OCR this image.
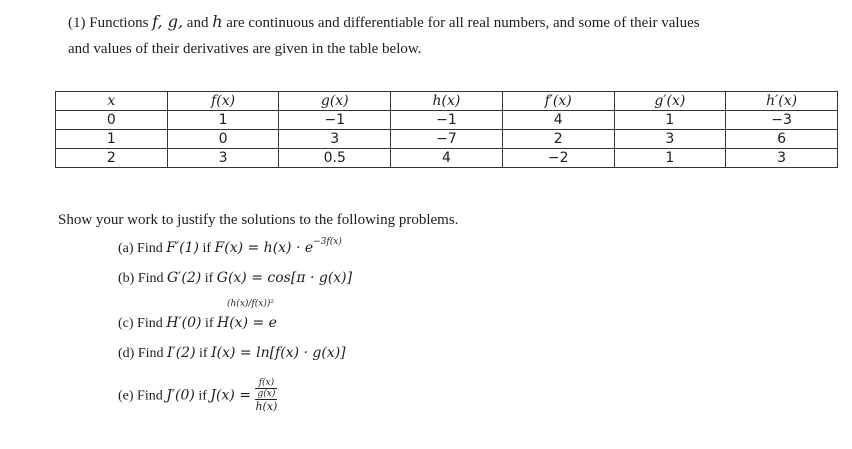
(1) Functions f, g, and h are continuous and differentiable for all real numbers, and some of their values
and values of their derivatives are given in the table below.
x	f(x)	g(x)	h(x)	f′(x)	g′(x)	h′(x)
0	1	−1	−1	4	1	−3
1	0	3	−7	2	3	6
2	3	0.5	4	−2	1	3
Show your work to justify the solutions to the following problems.
(a) Find F′(1) if $F(x) = h(x) \cdot e^{-3f(x)}$
(b) Find G′(2) if G(x) = cos[π · g(x)]
(c) Find H′(0) if H(x) = e
(h(x)/f(x))²
(d) Find I′(2) if I(x) = ln[f(x) · g(x)]
(e) Find J′(0) if J(x) = f(x)
g(x)
h(x)
